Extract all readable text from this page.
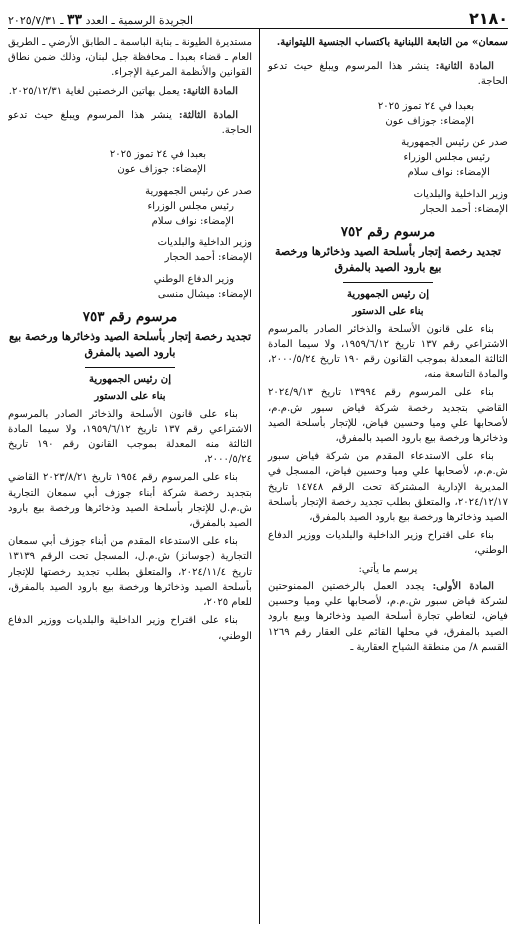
٢١٨٠
الجريدة الرسمية ـ العدد ٣٣ ـ ٢٠٢٥/٧/٣١

سمعان» من التابعة اللبنانية باكتساب الجنسية الليتوانية.

المادة الثانية: ينشر هذا المرسوم ويبلغ حيث تدعو الحاجة.

بعبدا في ٢٤ تموز ٢٠٢٥

الإمضاء: جوزاف عون

صدر عن رئيس الجمهورية

رئيس مجلس الوزراء

الإمضاء: نواف سلام

وزير الداخلية والبلديات

الإمضاء: أحمد الحجار

مرسوم رقم ٧٥٢

تجديد رخصة إتجار بأسلحة الصيد وذخائرها ورخصة بيع بارود الصيد بالمفرق

إن رئيس الجمهورية

بناء على الدستور

بناء على قانون الأسلحة والذخائر الصادر بالمرسوم الاشتراعي رقم ١٣٧ تاريخ ١٩٥٩/٦/١٢، ولا سيما المادة الثالثة المعدلة بموجب القانون رقم ١٩٠ تاريخ ٢٠٠٠/٥/٢٤، والمادة التاسعة منه،

بناء على المرسوم رقم ١٣٩٩٤ تاريخ ٢٠٢٤/٩/١٣ القاضي بتجديد رخصة شركة فياض سبور ش.م.م، لأصحابها علي وميا وحسين فياض، للإتجار بأسلحة الصيد وذخائرها ورخصة بيع بارود الصيد بالمفرق،

بناء على الاستدعاء المقدم من شركة فياض سبور ش.م.م، لأصحابها علي وميا وحسين فياض، المسجل في المديرية الإدارية المشتركة تحت الرقم ١٤٧٤٨ تاريخ ٢٠٢٤/١٢/١٧، والمتعلق بطلب تجديد رخصة الإتجار بأسلحة الصيد وذخائرها ورخصة بيع بارود الصيد بالمفرق،

بناء على اقتراح وزير الداخلية والبلديات ووزير الدفاع الوطني،

يرسم ما يأتي:

المادة الأولى: يجدد العمل بالرخصتين الممنوحتين لشركة فياض سبور ش.م.م، لأصحابها علي وميا وحسين فياض، لتعاطي تجارة أسلحة الصيد وذخائرها وبيع بارود الصيد بالمفرق، في محلها القائم على العقار رقم ١٢٦٩ القسم ٨/ من منطقة الشياح العقارية ـ

مستديرة الطيونة ـ بناية الباسمة ـ الطابق الأرضي ـ الطريق العام ـ قضاء بعبدا ـ محافظة جبل لبنان، وذلك ضمن نطاق القوانين والأنظمة المرعية الإجراء.

المادة الثانية: يعمل بهاتين الرخصتين لغاية ٢٠٢٥/١٢/٣١.

المادة الثالثة: ينشر هذا المرسوم ويبلغ حيث تدعو الحاجة.

بعبدا في ٢٤ تموز ٢٠٢٥

الإمضاء: جوزاف عون

صدر عن رئيس الجمهورية

رئيس مجلس الوزراء

الإمضاء: نواف سلام

وزير الداخلية والبلديات

الإمضاء: أحمد الحجار

وزير الدفاع الوطني

الإمضاء: ميشال منسى

مرسوم رقم ٧٥٣

تجديد رخصة إتجار بأسلحة الصيد وذخائرها ورخصة بيع بارود الصيد بالمفرق

إن رئيس الجمهورية

بناء على الدستور

بناء على قانون الأسلحة والذخائر الصادر بالمرسوم الاشتراعي رقم ١٣٧ تاريخ ١٩٥٩/٦/١٢، ولا سيما المادة الثالثة منه المعدلة بموجب القانون رقم ١٩٠ تاريخ ٢٠٠٠/٥/٢٤،

بناء على المرسوم رقم ١٩٥٤ تاريخ ٢٠٢٣/٨/٢١ القاضي بتجديد رخصة شركة أبناء جوزف أبي سمعان التجارية ش.م.ل للإتجار بأسلحة الصيد وذخائرها ورخصة بيع بارود الصيد بالمفرق،

بناء على الاستدعاء المقدم من أبناء جوزف أبي سمعان التجارية (جوسانز) ش.م.ل، المسجل تحت الرقم ١٣١٣٩ تاريخ ٢٠٢٤/١١/٤، والمتعلق بطلب تجديد رخصتها للإتجار بأسلحة الصيد وذخائرها ورخصة بيع بارود الصيد بالمفرق، للعام ٢٠٢٥،

بناء على اقتراح وزير الداخلية والبلديات ووزير الدفاع الوطني،
